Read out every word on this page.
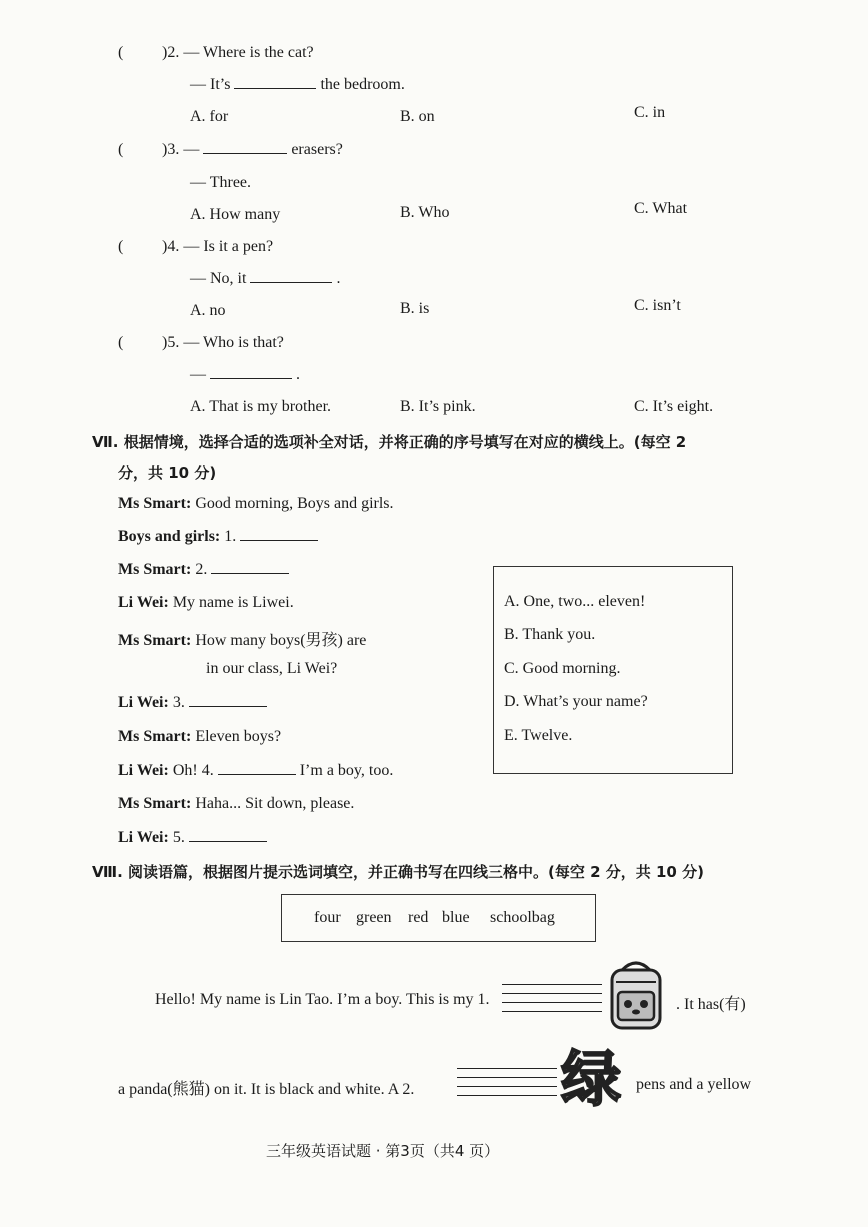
( )2. — Where is the cat?
— It’s	the bedroom.
A. for	B. on	C. in
( )3. —	erasers?
— Three.
A. How many	B. Who	C. What
( )4. — Is it a pen?
— No, it	.
A. no	B. is	C. isn’t
( )5. — Who is that?
—	.
A. That is my brother.	B. It’s pink.	C. It’s eight.
Ⅶ. 根据情境，选择合适的选项补全对话，并将正确的序号填写在对应的横线上。(每空 2
分，共 10 分)
Ms Smart: Good morning, Boys and girls.
Boys and girls: 1.
Ms Smart: 2.
Li Wei: My name is Liwei.
Ms Smart: How many boys(男孩) are
in our class, Li Wei?
Li Wei: 3.
Ms Smart: Eleven boys?
Li Wei: Oh! 4.	I’m a boy, too.
Ms Smart: Haha... Sit down, please.
Li Wei: 5.
A. One, two... eleven!
B. Thank you.
C. Good morning.
D. What’s your name?
E. Twelve.
Ⅷ. 阅读语篇，根据图片提示选词填空，并正确书写在四线三格中。(每空 2 分，共 10 分)
four green red blue schoolbag
Hello! My name is Lin Tao. I’m a boy. This is my 1.	. It has(有)
a panda(熊猫) on it. It is black and white. A 2. 绿 pens and a yellow
三年级英语试题 · 第3页（共4 页）
